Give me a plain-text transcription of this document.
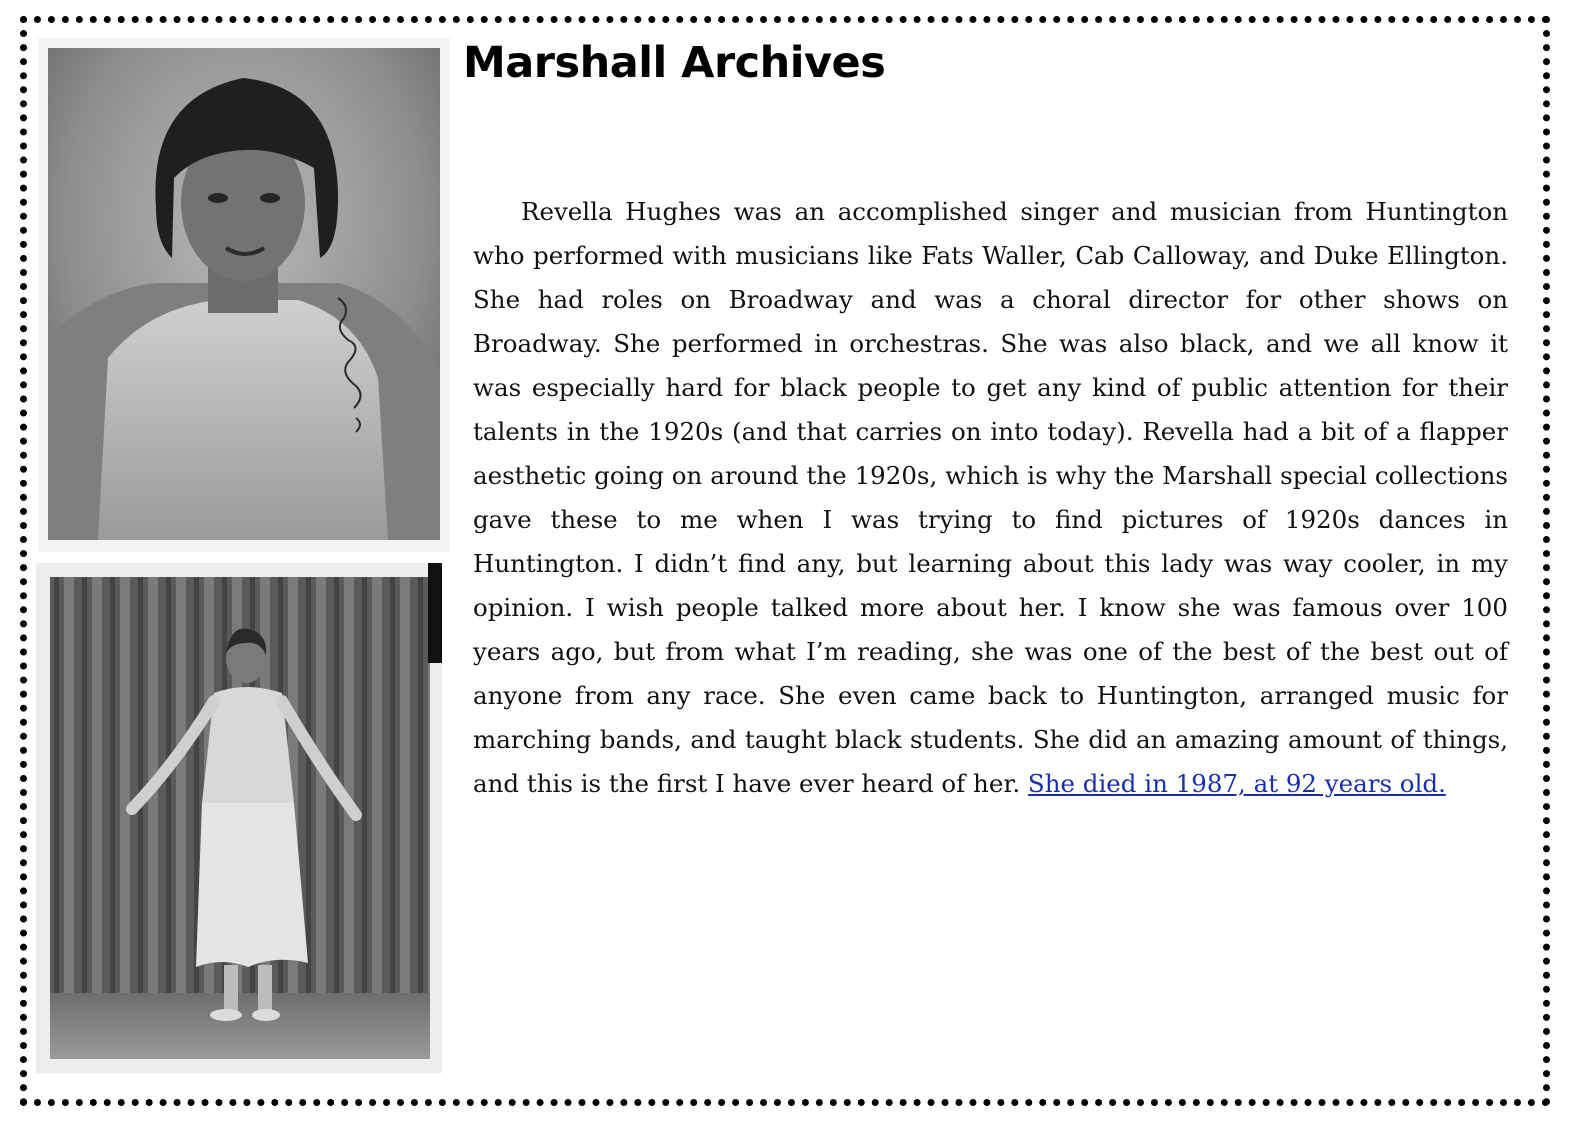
Marshall Archives

Revella Hughes was an accomplished singer and musician from Huntington who performed with musicians like Fats Waller, Cab Calloway, and Duke Ellington. She had roles on Broadway and was a choral director for other shows on Broadway. She performed in orchestras. She was also black, and we all know it was especially hard for black people to get any kind of public attention for their talents in the 1920s (and that carries on into today). Revella had a bit of a flapper aesthetic going on around the 1920s, which is why the Marshall special collections gave these to me when I was trying to find pictures of 1920s dances in Huntington. I didn’t find any, but learning about this lady was way cooler, in my opinion. I wish people talked more about her. I know she was famous over 100 years ago, but from what I’m reading, she was one of the best of the best out of anyone from any race. She even came back to Huntington, arranged music for marching bands, and taught black students. She did an amazing amount of things, and this is the first I have ever heard of her. She died in 1987, at 92 years old.
